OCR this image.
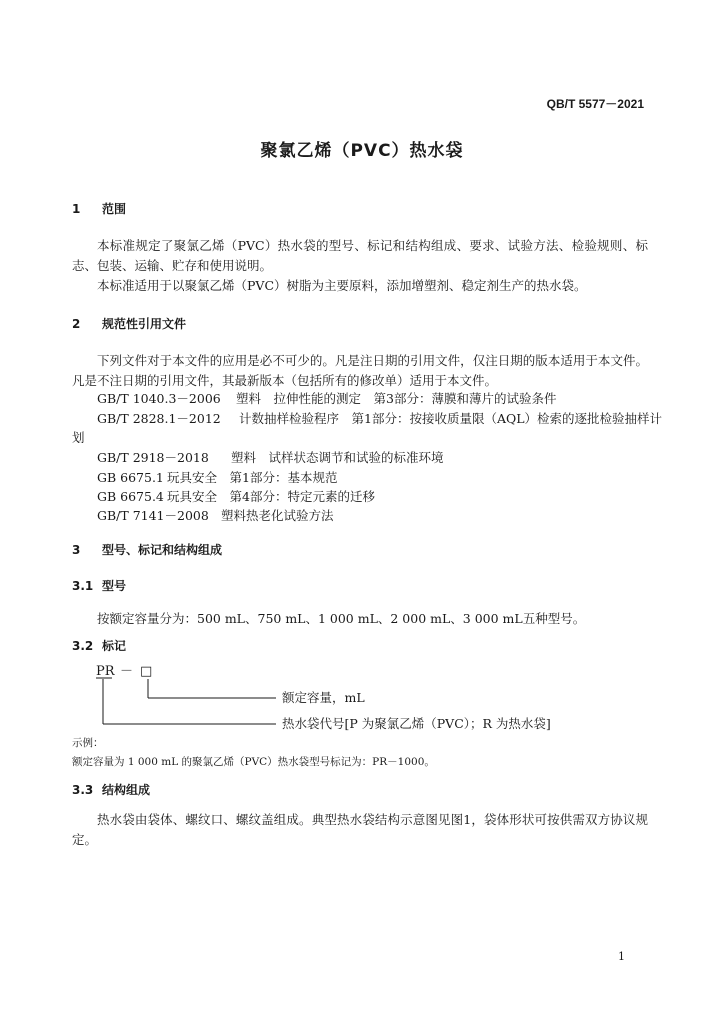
QB/T 5577－2021
聚氯乙烯（PVC）热水袋
1 范围

本标准规定了聚氯乙烯（PVC）热水袋的型号、标记和结构组成、要求、试验方法、检验规则、标志、包装、运输、贮存和使用说明。

本标准适用于以聚氯乙烯（PVC）树脂为主要原料，添加增塑剂、稳定剂生产的热水袋。

2 规范性引用文件

下列文件对于本文件的应用是必不可少的。凡是注日期的引用文件，仅注日期的版本适用于本文件。凡是不注日期的引用文件，其最新版本（包括所有的修改单）适用于本文件。

GB/T 1040.3－2006 塑料　拉伸性能的测定　第3部分：薄膜和薄片的试验条件
GB/T 2828.1－2012 计数抽样检验程序　第1部分：按接收质量限（AQL）检索的逐批检验抽样计
划
GB/T 2918－2018 塑料　试样状态调节和试验的标准环境
GB 6675.1 玩具安全　第1部分：基本规范
GB 6675.4 玩具安全　第4部分：特定元素的迁移
GB/T 7141－2008 塑料热老化试验方法
3 型号、标记和结构组成
3.1 型号
按额定容量分为：500 mL、750 mL、1 000 mL、2 000 mL、3 000 mL五种型号。
3.2 标记
PR － □
额定容量，mL
热水袋代号[P 为聚氯乙烯（PVC）；R 为热水袋]
示例：
额定容量为 1 000 mL 的聚氯乙烯（PVC）热水袋型号标记为：PR－1000。
3.3 结构组成

热水袋由袋体、螺纹口、螺纹盖组成。典型热水袋结构示意图见图1，袋体形状可按供需双方协议规定。

1
